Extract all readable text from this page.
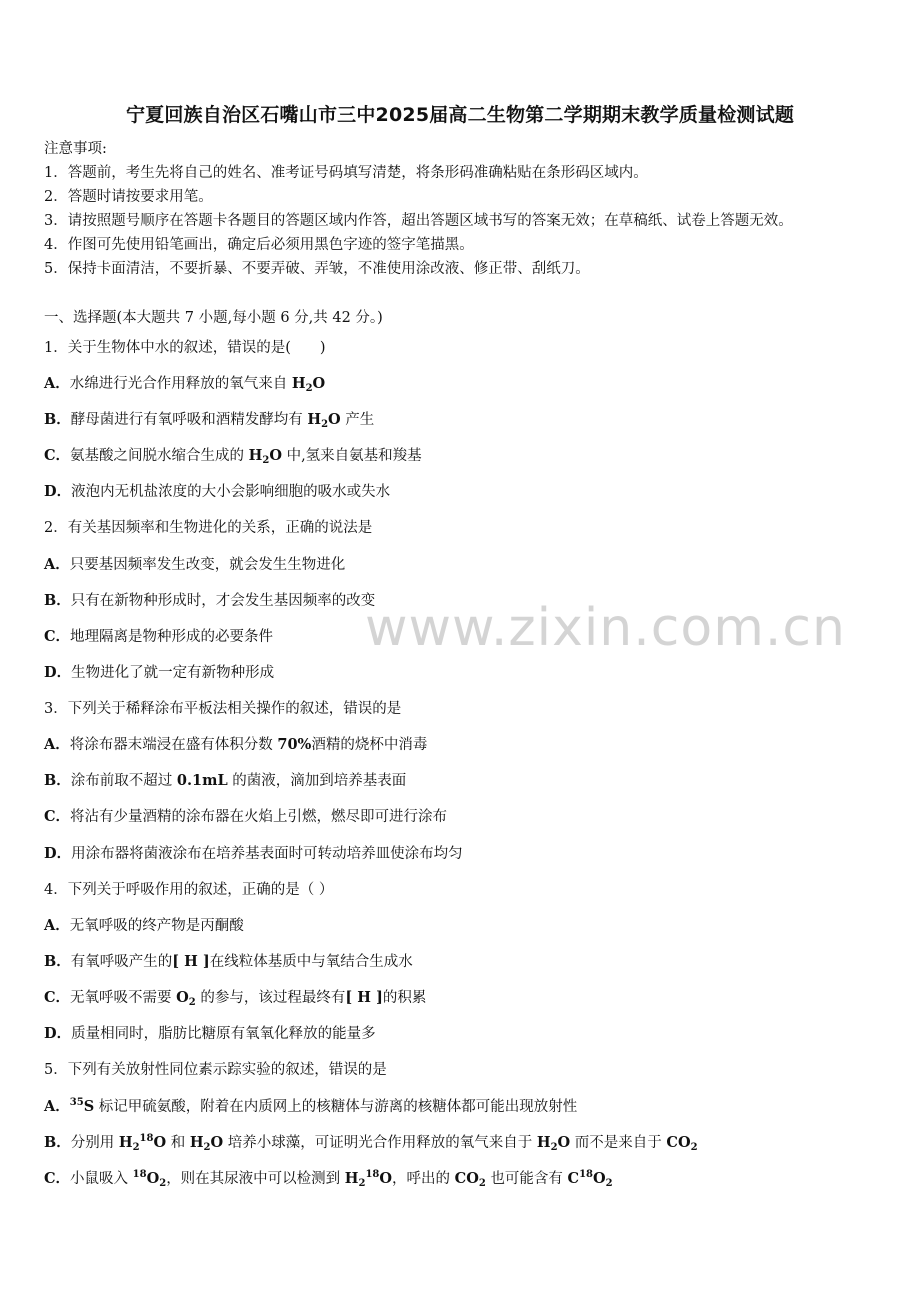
宁夏回族自治区石嘴山市三中2025届高二生物第二学期期末教学质量检测试题
注意事项:
1．答题前，考生先将自己的姓名、准考证号码填写清楚，将条形码准确粘贴在条形码区域内。
2．答题时请按要求用笔。
3．请按照题号顺序在答题卡各题目的答题区域内作答，超出答题区域书写的答案无效；在草稿纸、试卷上答题无效。
4．作图可先使用铅笔画出，确定后必须用黑色字迹的签字笔描黑。
5．保持卡面清洁，不要折暴、不要弄破、弄皱，不准使用涂改液、修正带、刮纸刀。
一、选择题(本大题共 7 小题,每小题 6 分,共 42 分。)
1．关于生物体中水的叙述，错误的是(　　)
A．水绵进行光合作用释放的氧气来自 $H_2O$
B．酵母菌进行有氧呼吸和酒精发酵均有 $H_2O$ 产生
C．氨基酸之间脱水缩合生成的 $H_2O$ 中,氢来自氨基和羧基
D．液泡内无机盐浓度的大小会影响细胞的吸水或失水
2．有关基因频率和生物进化的关系，正确的说法是
A．只要基因频率发生改变，就会发生生物进化
B．只有在新物种形成时，才会发生基因频率的改变
C．地理隔离是物种形成的必要条件
D．生物进化了就一定有新物种形成
3．下列关于稀释涂布平板法相关操作的叙述，错误的是
A．将涂布器末端浸在盛有体积分数 70%酒精的烧杯中消毒
B．涂布前取不超过 0.1mL 的菌液，滴加到培养基表面
C．将沾有少量酒精的涂布器在火焰上引燃，燃尽即可进行涂布
D．用涂布器将菌液涂布在培养基表面时可转动培养皿使涂布均匀
4．下列关于呼吸作用的叙述，正确的是（ ）
A．无氧呼吸的终产物是丙酮酸
B．有氧呼吸产生的[ H ]在线粒体基质中与氧结合生成水
C．无氧呼吸不需要 $O_2$ 的参与，该过程最终有[ H ]的积累
D．质量相同时，脂肪比糖原有氧氧化释放的能量多
5．下列有关放射性同位素示踪实验的叙述，错误的是
A．$^{35}$S 标记甲硫氨酸，附着在内质网上的核糖体与游离的核糖体都可能出现放射性
B．分别用 $H_2^{18}O$ 和 $H_2O$ 培养小球藻，可证明光合作用释放的氧气来自于 $H_2O$ 而不是来自于 $CO_2$
C．小鼠吸入 $^{18}O_2$，则在其尿液中可以检测到 $H_2^{18}O$，呼出的 $CO_2$ 也可能含有 $C^{18}O_2$
www.zixin.com.cn
